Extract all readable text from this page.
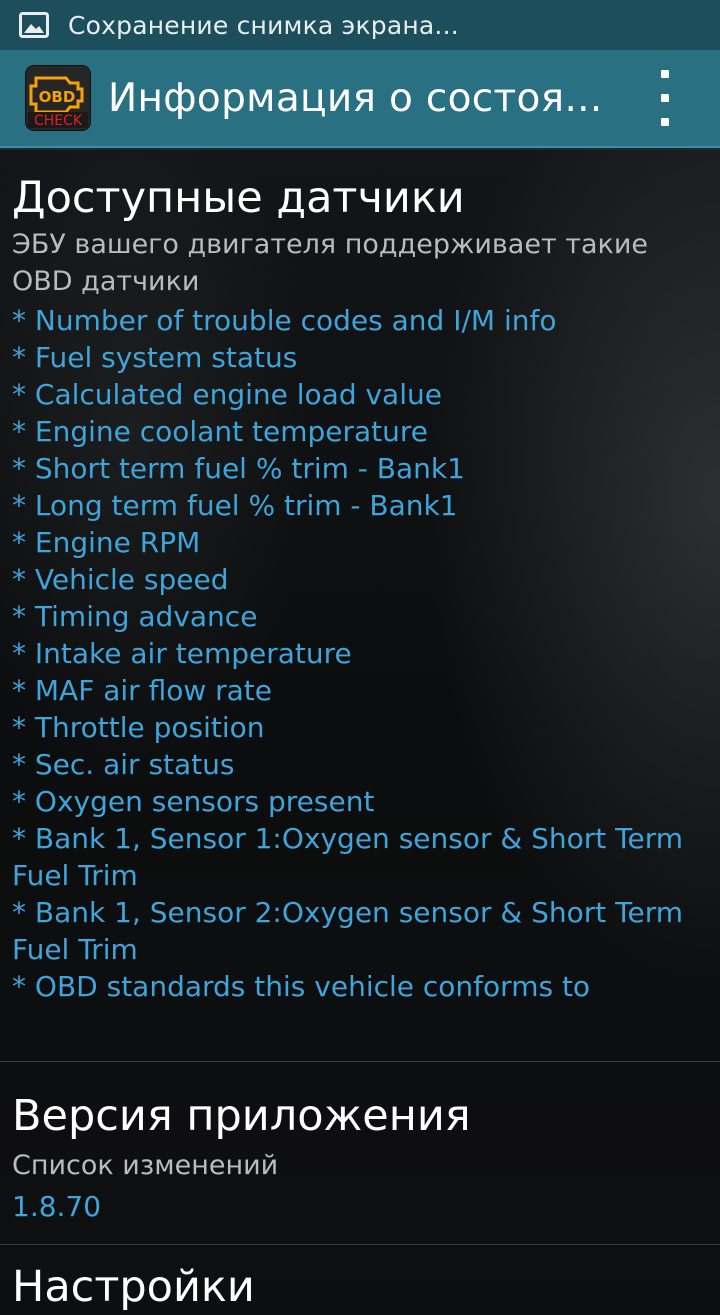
Сохранение снимка экрана...
OBD
CHECK
Информация о состоя...
Доступные датчики

ЭБУ вашего двигателя поддерживает такие OBD датчики

* Number of trouble codes and I/M info
* Fuel system status
* Calculated engine load value
* Engine coolant temperature
* Short term fuel % trim - Bank1
* Long term fuel % trim - Bank1
* Engine RPM
* Vehicle speed
* Timing advance
* Intake air temperature
* MAF air flow rate
* Throttle position
* Sec. air status
* Oxygen sensors present
* Bank 1, Sensor 1:Oxygen sensor & Short Term Fuel Trim
* Bank 1, Sensor 2:Oxygen sensor & Short Term Fuel Trim
* OBD standards this vehicle conforms to
Версия приложения

Список изменений

1.8.70

Настройки
